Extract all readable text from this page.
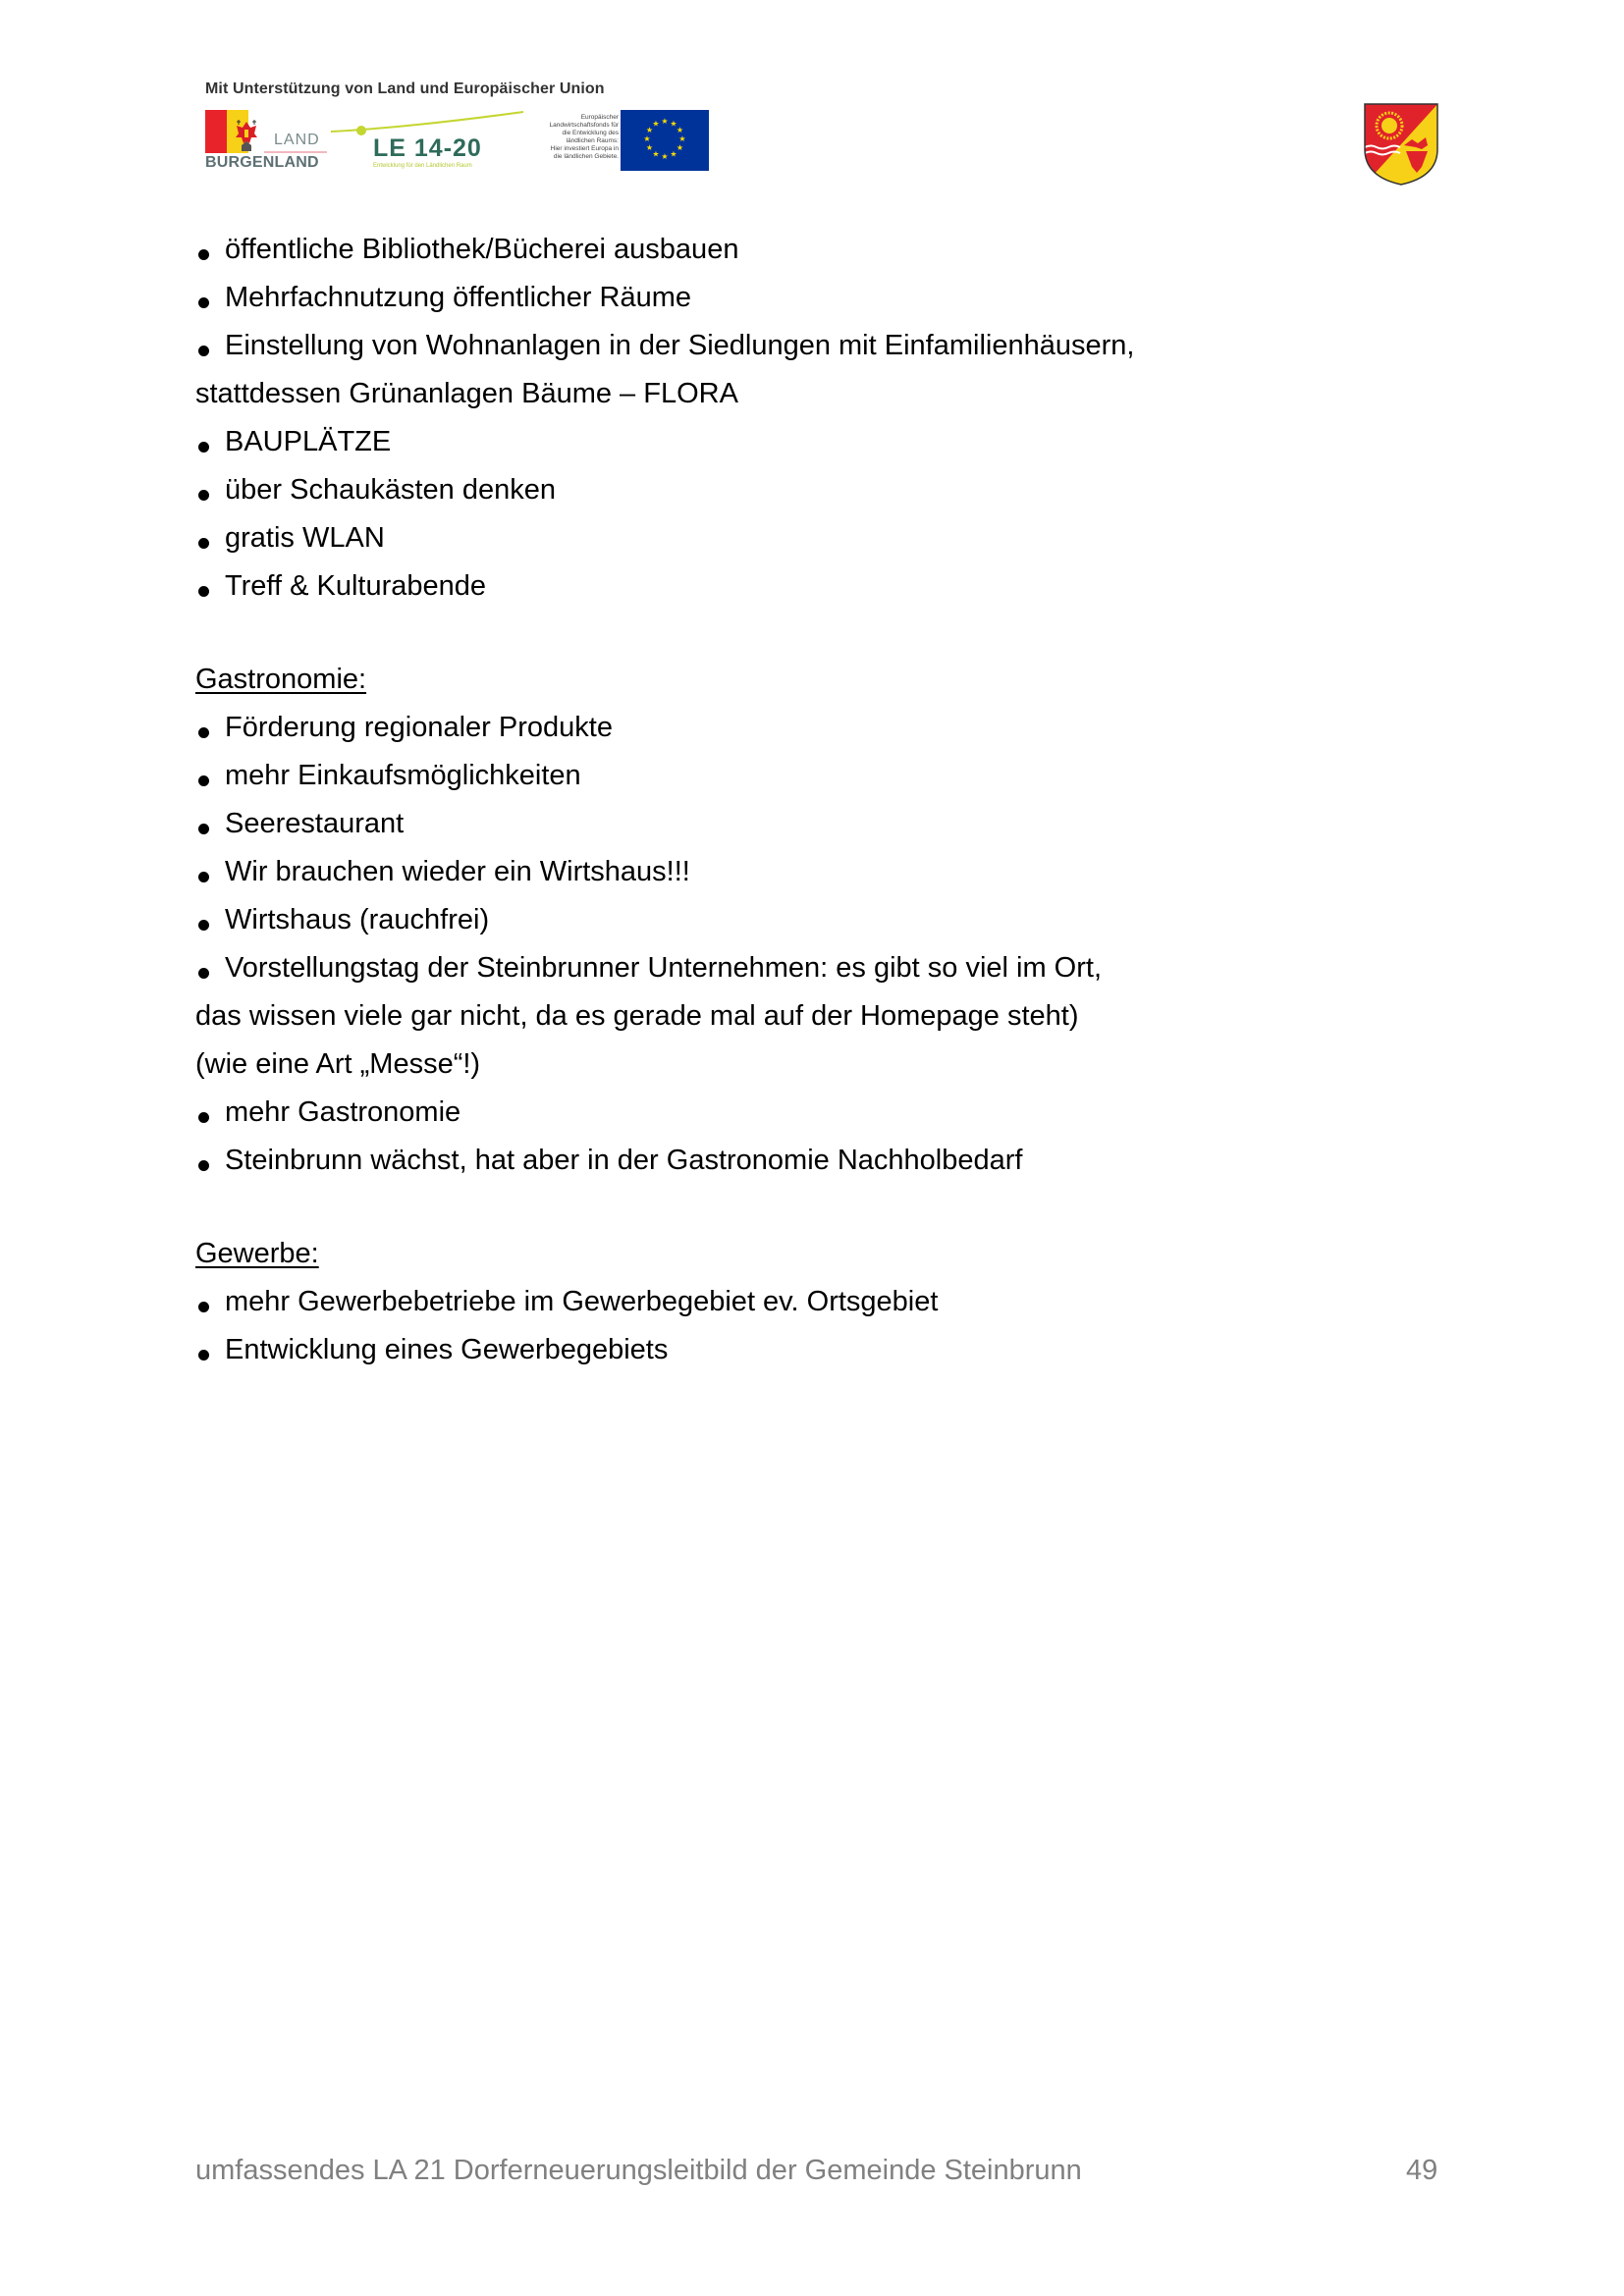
Mit Unterstützung von Land und Europäischer Union
LAND
BURGENLAND
LE 14-20
Entwicklung für den Ländlichen Raum
Europäischer
Landwirtschaftsfonds für
die Entwicklung des
ländlichen Raums:
Hier investiert Europa in
die ländlichen Gebiete.
★ ★
★
★
★
★
★
★
★
★
★
★
öffentliche Bibliothek/Bücherei ausbauen
Mehrfachnutzung öffentlicher Räume
Einstellung von Wohnanlagen in der Siedlungen mit Einfamilienhäusern,
stattdessen Grünanlagen Bäume – FLORA
BAUPLÄTZE
über Schaukästen denken
gratis WLAN
Treff & Kulturabende
Gastronomie:
Förderung regionaler Produkte
mehr Einkaufsmöglichkeiten
Seerestaurant
Wir brauchen wieder ein Wirtshaus!!!
Wirtshaus (rauchfrei)
Vorstellungstag der Steinbrunner Unternehmen: es gibt so viel im Ort,
das wissen viele gar nicht, da es gerade mal auf der Homepage steht)
(wie eine Art „Messe“!)
mehr Gastronomie
Steinbrunn wächst, hat aber in der Gastronomie Nachholbedarf
Gewerbe:
mehr Gewerbebetriebe im Gewerbegebiet ev. Ortsgebiet
Entwicklung eines Gewerbegebiets
umfassendes LA 21 Dorferneuerungsleitbild der Gemeinde Steinbrunn	49
